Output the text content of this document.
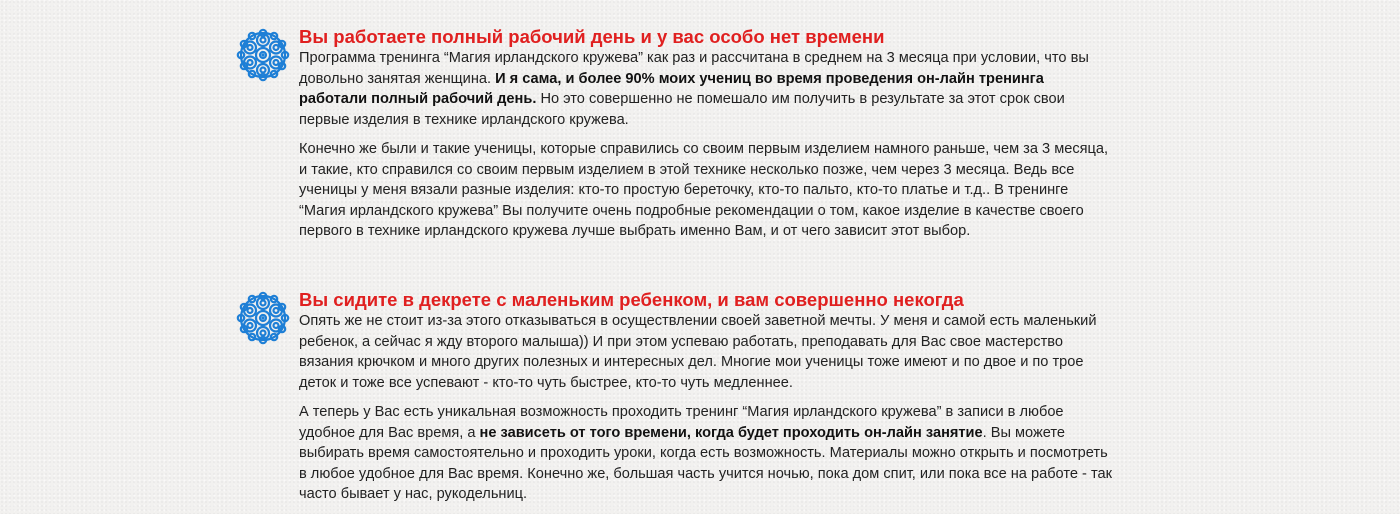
Вы работаете полный рабочий день и у вас особо нет времени

Программа тренинга “Магия ирландского кружева” как раз и рассчитана в среднем на 3 месяца при условии, что вы довольно занятая женщина. И я сама, и более 90% моих учениц во время проведения он-лайн тренинга работали полный рабочий день. Но это совершенно не помешало им получить в результате за этот срок свои первые изделия в технике ирландского кружева.

Конечно же были и такие ученицы, которые справились со своим первым изделием намного раньше, чем за 3 месяца, и такие, кто справился со своим первым изделием в этой технике несколько позже, чем через 3 месяца. Ведь все ученицы у меня вязали разные изделия: кто-то простую береточку, кто-то пальто, кто-то платье и т.д.. В тренинге “Магия ирландского кружева” Вы получите очень подробные рекомендации о том, какое изделие в качестве своего первого в технике ирландского кружева лучше выбрать именно Вам, и от чего зависит этот выбор.

Вы сидите в декрете с маленьким ребенком, и вам совершенно некогда

Опять же не стоит из-за этого отказываться в осуществлении своей заветной мечты. У меня и самой есть маленький ребенок, а сейчас я жду второго малыша)) И при этом успеваю работать, преподавать для Вас свое мастерство вязания крючком и много других полезных и интересных дел. Многие мои ученицы тоже имеют и по двое и по трое деток и тоже все успевают - кто-то чуть быстрее, кто-то чуть медленнее.

А теперь у Вас есть уникальная возможность проходить тренинг “Магия ирландского кружева” в записи в любое удобное для Вас время, а не зависеть от того времени, когда будет проходить он-лайн занятие. Вы можете выбирать время самостоятельно и проходить уроки, когда есть возможность. Материалы можно открыть и посмотреть в любое удобное для Вас время. Конечно же, большая часть учится ночью, пока дом спит, или пока все на работе - так часто бывает у нас, рукодельниц.
